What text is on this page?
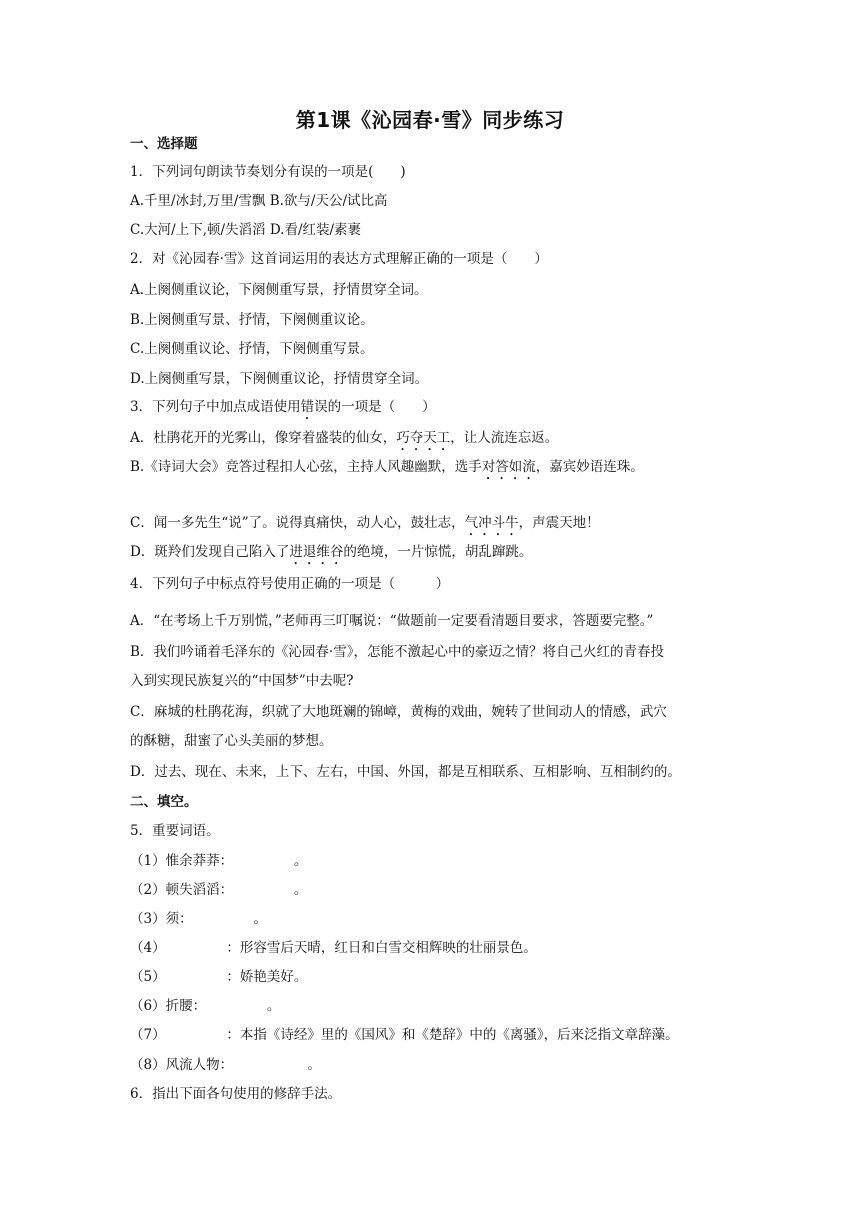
第1课《沁园春·雪》同步练习
一、选择题
1．下列词句朗读节奏划分有误的一项是(　　)
A.千里/冰封,万里/雪飘 B.欲与/天公/试比高
C.大河/上下,顿/失滔滔 D.看/红装/素裹
2．对《沁园春·雪》这首词运用的表达方式理解正确的一项是（　　）
A.上阕侧重议论，下阕侧重写景，抒情贯穿全词。
B.上阕侧重写景、抒情，下阕侧重议论。
C.上阕侧重议论、抒情，下阕侧重写景。
D.上阕侧重写景，下阕侧重议论，抒情贯穿全词。
3．下列句子中加点成语使用错误的一项是（　　）
A．杜鹃花开的光雾山，像穿着盛装的仙女，巧夺天工，让人流连忘返。
B.《诗词大会》竞答过程扣人心弦，主持人风趣幽默，选手对答如流，嘉宾妙语连珠。
C．闻一多先生“说”了。说得真痛快，动人心，鼓壮志，气冲斗牛，声震天地！
D．斑羚们发现自己陷入了进退维谷的绝境，一片惊慌，胡乱蹿跳。
4．下列句子中标点符号使用正确的一项是（　　　）
A．“在考场上千万别慌，”老师再三叮嘱说：“做题前一定要看清题目要求，答题要完整。”
B．我们吟诵着毛泽东的《沁园春·雪》，怎能不激起心中的豪迈之情？将自己火红的青春投
入到实现民族复兴的“中国梦”中去呢?
C．麻城的杜鹃花海，织就了大地斑斓的锦嶂，黄梅的戏曲，婉转了世间动人的情感，武穴
的酥糖，甜蜜了心头美丽的梦想。
D．过去、现在、未来，上下、左右，中国、外国，都是互相联系、互相影响、互相制约的。
二、填空。
5．重要词语。
（1）惟余莽莽：　　　　　。
（2）顿失滔滔：　　　　　。
（3）须：　　　　　。
（4）　　　　　：形容雪后天晴，红日和白雪交相辉映的壮丽景色。
（5）　　　　　：娇艳美好。
（6）折腰：　　　　　。
（7）　　　　　：本指《诗经》里的《国风》和《楚辞》中的《离骚》，后来泛指文章辞藻。
（8）风流人物：　　　　　　。
6．指出下面各句使用的修辞手法。
